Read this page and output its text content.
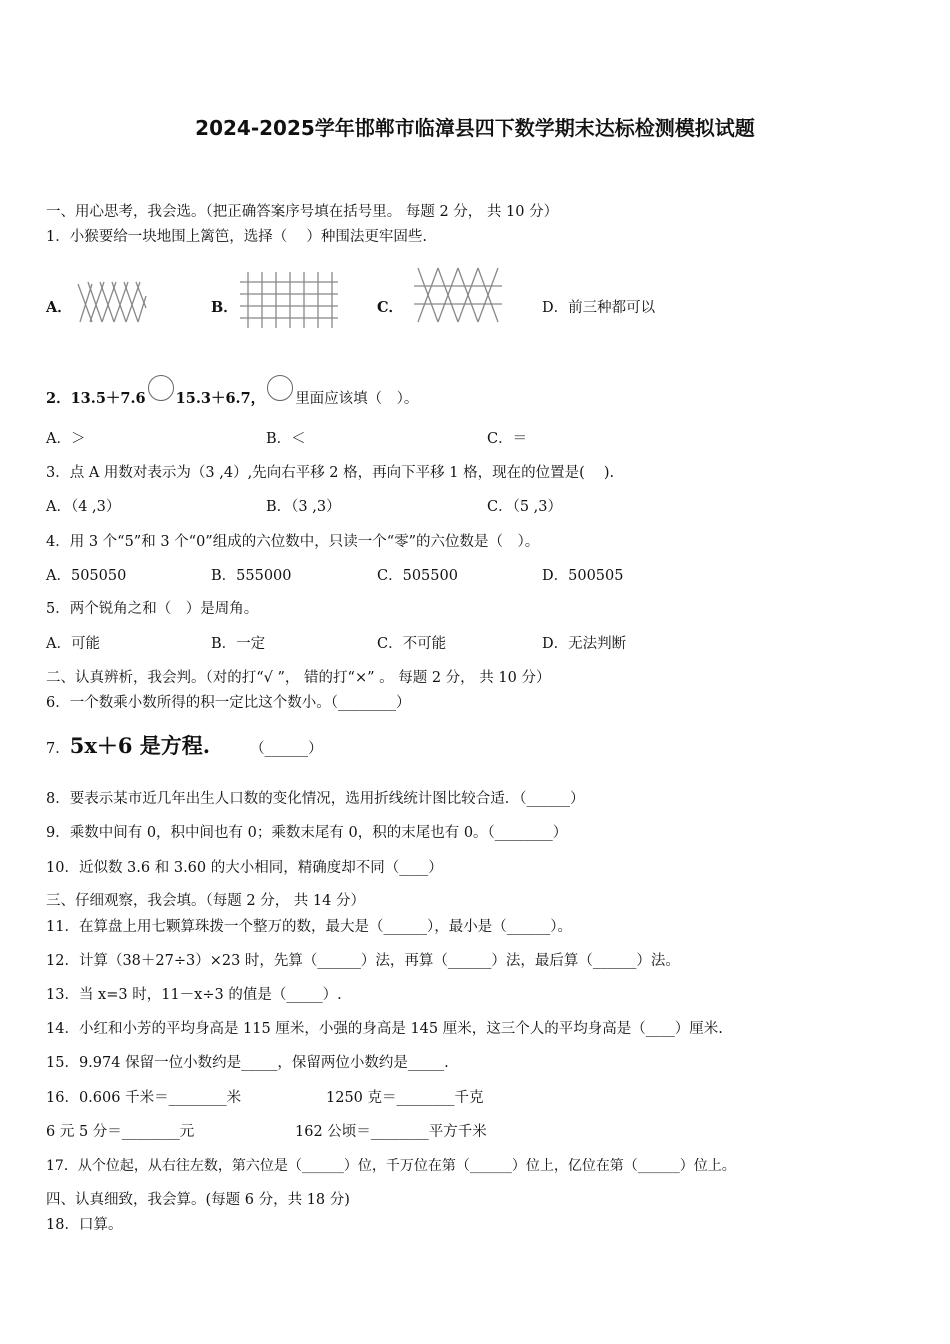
2024-2025学年邯郸市临漳县四下数学期末达标检测模拟试题
一、用心思考，我会选。（把正确答案序号填在括号里。 每题 2 分， 共 10 分）
1．小猴要给一块地围上篱笆，选择（　 ）种围法更牢固些.
A．	B．	C．	D．前三种都可以
2．13.5＋7.6 15.3＋6.7， 里面应该填（　）。
A．＞	B．＜	C．＝
3．点 A 用数对表示为（3 ,4）,先向右平移 2 格，再向下平移 1 格，现在的位置是(　 ).
A．（4 ,3）	B．（3 ,3）	C．（5 ,3）
4．用 3 个“5”和 3 个“0”组成的六位数中，只读一个“零”的六位数是（　）。
A．505050	B．555000	C．505500	D．500505
5．两个锐角之和（　）是周角。
A．可能	B．一定	C．不可能	D．无法判断
二、认真辨析，我会判。（对的打“√ ”， 错的打“×” 。 每题 2 分， 共 10 分）
6．一个数乘小数所得的积一定比这个数小。（________）
7．5x＋6 是方程.	（______）
8．要表示某市近几年出生人口数的变化情况，选用折线统计图比较合适．（______）
9．乘数中间有 0，积中间也有 0；乘数末尾有 0，积的末尾也有 0。（________）
10．近似数 3.6 和 3.60 的大小相同，精确度却不同（____）
三、仔细观察，我会填。（每题 2 分， 共 14 分）
11．在算盘上用七颗算珠拨一个整万的数，最大是（______），最小是（______）。
12．计算（38＋27÷3）×23 时，先算（______）法，再算（______）法，最后算（______）法。
13．当 x=3 时，11－x÷3 的值是（_____）.
14．小红和小芳的平均身高是 115 厘米，小强的身高是 145 厘米，这三个人的平均身高是（____）厘米.
15．9.974 保留一位小数约是_____，保留两位小数约是_____.
16．0.606 千米＝________米	1250 克＝________千克
6 元 5 分＝________元	162 公顷＝________平方千米
17．从个位起，从右往左数，第六位是（______）位，千万位在第（______）位上，亿位在第（______）位上。
四、认真细致，我会算。(每题 6 分，共 18 分)
18．口算。
